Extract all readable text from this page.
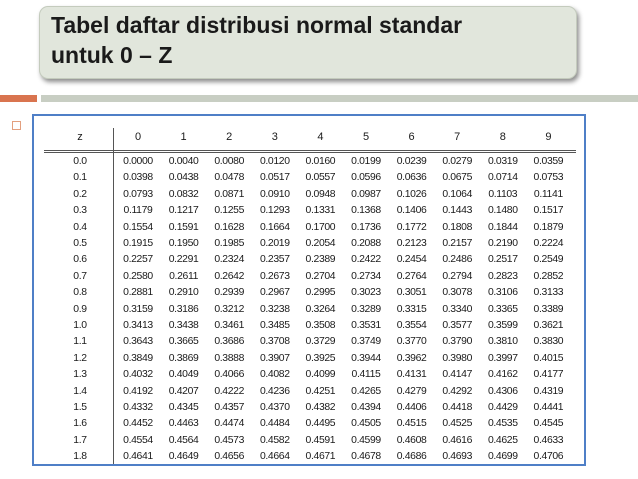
Tabel daftar distribusi normal standar
untuk 0 – Z
z	0	1	2	3	4	5	6	7	8	9
0.0	0.0000	0.0040	0.0080	0.0120	0.0160	0.0199	0.0239	0.0279	0.0319	0.0359
0.1	0.0398	0.0438	0.0478	0.0517	0.0557	0.0596	0.0636	0.0675	0.0714	0.0753
0.2	0.0793	0.0832	0.0871	0.0910	0.0948	0.0987	0.1026	0.1064	0.1103	0.1141
0.3	0.1179	0.1217	0.1255	0.1293	0.1331	0.1368	0.1406	0.1443	0.1480	0.1517
0.4	0.1554	0.1591	0.1628	0.1664	0.1700	0.1736	0.1772	0.1808	0.1844	0.1879
0.5	0.1915	0.1950	0.1985	0.2019	0.2054	0.2088	0.2123	0.2157	0.2190	0.2224
0.6	0.2257	0.2291	0.2324	0.2357	0.2389	0.2422	0.2454	0.2486	0.2517	0.2549
0.7	0.2580	0.2611	0.2642	0.2673	0.2704	0.2734	0.2764	0.2794	0.2823	0.2852
0.8	0.2881	0.2910	0.2939	0.2967	0.2995	0.3023	0.3051	0.3078	0.3106	0.3133
0.9	0.3159	0.3186	0.3212	0.3238	0.3264	0.3289	0.3315	0.3340	0.3365	0.3389
1.0	0.3413	0.3438	0.3461	0.3485	0.3508	0.3531	0.3554	0.3577	0.3599	0.3621
1.1	0.3643	0.3665	0.3686	0.3708	0.3729	0.3749	0.3770	0.3790	0.3810	0.3830
1.2	0.3849	0.3869	0.3888	0.3907	0.3925	0.3944	0.3962	0.3980	0.3997	0.4015
1.3	0.4032	0.4049	0.4066	0.4082	0.4099	0.4115	0.4131	0.4147	0.4162	0.4177
1.4	0.4192	0.4207	0.4222	0.4236	0.4251	0.4265	0.4279	0.4292	0.4306	0.4319
1.5	0.4332	0.4345	0.4357	0.4370	0.4382	0.4394	0.4406	0.4418	0.4429	0.4441
1.6	0.4452	0.4463	0.4474	0.4484	0.4495	0.4505	0.4515	0.4525	0.4535	0.4545
1.7	0.4554	0.4564	0.4573	0.4582	0.4591	0.4599	0.4608	0.4616	0.4625	0.4633
1.8	0.4641	0.4649	0.4656	0.4664	0.4671	0.4678	0.4686	0.4693	0.4699	0.4706
